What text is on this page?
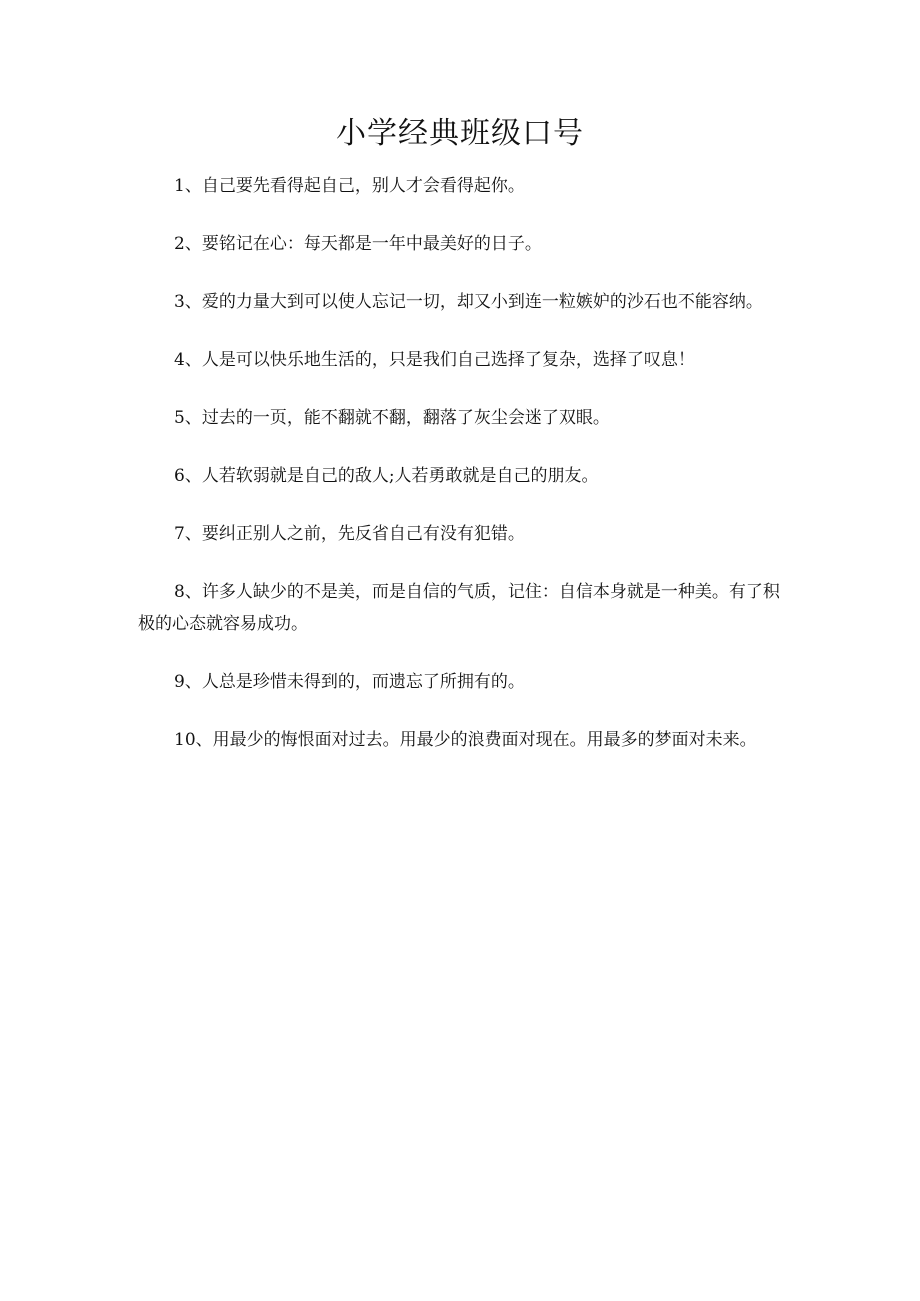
小学经典班级口号

1、自己要先看得起自己，别人才会看得起你。

2、要铭记在心：每天都是一年中最美好的日子。

3、爱的力量大到可以使人忘记一切，却又小到连一粒嫉妒的沙石也不能容纳。

4、人是可以快乐地生活的，只是我们自己选择了复杂，选择了叹息！

5、过去的一页，能不翻就不翻，翻落了灰尘会迷了双眼。

6、人若软弱就是自己的敌人;人若勇敢就是自己的朋友。

7、要纠正别人之前，先反省自己有没有犯错。

8、许多人缺少的不是美，而是自信的气质，记住：自信本身就是一种美。有了积极的心态就容易成功。

9、人总是珍惜未得到的，而遗忘了所拥有的。

10、用最少的悔恨面对过去。用最少的浪费面对现在。用最多的梦面对未来。
